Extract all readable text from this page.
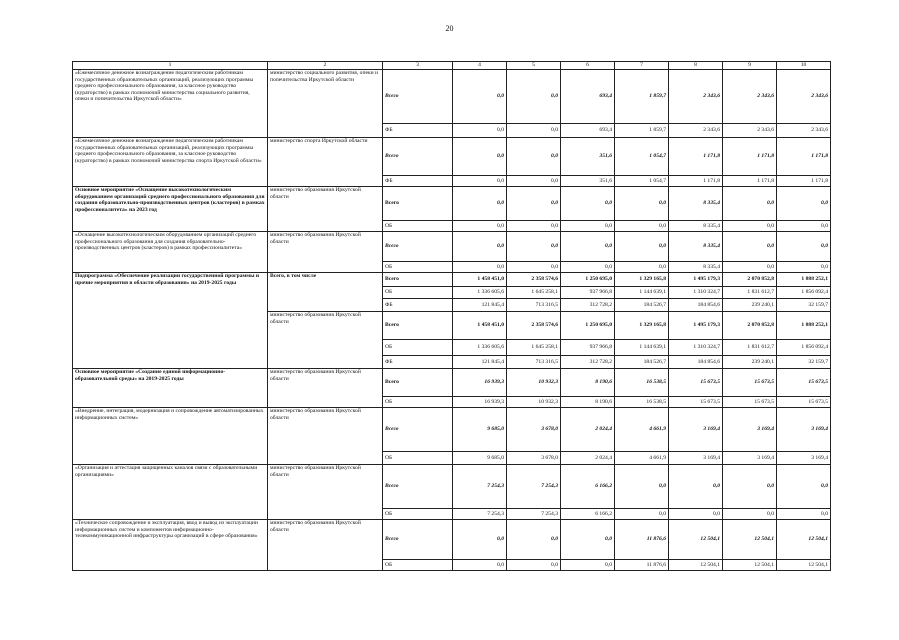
20
1	2	3	4	5	6	7	8	9	10
«Ежемесячное денежное вознаграждение педагогическим работникам государственных образовательных организаций, реализующих программы среднего профессионального образования, за классное руководство (кураторство) в рамках полномочий министерства социального развития, опеки и попечительства Иркутской области»	министерство социального развития, опеки и попечительства Иркутской области	Всего	0,0	0,0	693,4	1 859,7	2 343,6	2 343,6	2 343,6
		ФБ	0,0	0,0	693,4	1 859,7	2 343,6	2 343,6	2 343,6
«Ежемесячное денежное вознаграждение педагогическим работникам государственных образовательных организаций, реализующих программы среднего профессионального образования, за классное руководство (кураторство) в рамках полномочий министерства спорта Иркутской области»	министерство спорта Иркутской области	Всего	0,0	0,0	351,6	1 054,7	1 171,8	1 171,8	1 171,8
		ФБ	0,0	0,0	351,6	1 054,7	1 171,8	1 171,8	1 171,8
Основное мероприятие «Оснащение высокотехнологическим оборудованием организаций среднего профессионального образования для создания образовательно-производственных центров (кластеров) в рамках профессионалитета» на 2023 год	министерство образования Иркутской области	Всего	0,0	0,0	0,0	0,0	8 335,4	0,0	0,0
		ОБ	0,0	0,0	0,0	0,0	8 335,4	0,0	0,0
«Оснащение высокотехнологическим оборудованием организаций среднего профессионального образования для создания образовательно-производственных центров (кластеров) в рамках профессионалитета»	министерство образования Иркутской области	Всего	0,0	0,0	0,0	0,0	8 335,4	0,0	0,0
		ОБ	0,0	0,0	0,0	0,0	8 335,4	0,0	0,0
Подпрограмма «Обеспечение реализации государственной программы и прочие мероприятия в области образования» на 2019-2025 годы	Всего, в том числе	Всего	1 458 451,0	2 358 574,6	1 250 695,0	1 329 165,8	1 495 179,3	2 070 852,8	1 888 252,1
		ОБ	1 336 605,6	1 645 258,1	937 966,8	1 144 639,1	1 310 324,7	1 831 612,7	1 856 092,4
		ФБ	121 845,4	713 316,5	312 728,2	184 526,7	184 854,6	239 240,1	32 159,7
	министерство образования Иркутской области	Всего	1 458 451,0	2 358 574,6	1 250 695,0	1 329 165,8	1 495 179,3	2 070 852,8	1 888 252,1
		ОБ	1 336 605,6	1 645 258,1	937 966,8	1 144 639,1	1 310 324,7	1 831 612,7	1 856 092,4
		ФБ	121 845,4	713 316,5	312 728,2	184 526,7	184 854,6	239 240,1	32 159,7
Основное мероприятие «Создание единой информационно-образовательной среды» на 2019-2025 годы	министерство образования Иркутской области	Всего	16 939,3	10 932,3	8 190,6	16 538,5	15 673,5	15 673,5	15 673,5
		ОБ	16 939,3	10 932,3	8 190,6	16 538,5	15 673,5	15 673,5	15 673,5
«Внедрение, интеграция, модернизация и сопровождение автоматизированных информационных систем»	министерство образования Иркутской области	Всего	9 685,0	3 678,0	2 024,4	4 661,9	3 169,4	3 169,4	3 169,4
		ОБ	9 685,0	3 678,0	2 024,4	4 661,9	3 169,4	3 169,4	3 169,4
«Организация и аттестация защищенных каналов связи с образовательными организациями»	министерство образования Иркутской области	Всего	7 254,3	7 254,3	6 166,2	0,0	0,0	0,0	0,0
		ОБ	7 254,3	7 254,3	6 166,2	0,0	0,0	0,0	0,0
«Техническое сопровождение и эксплуатация, ввод и вывод из эксплуатации информационных систем и компонентов информационно-телекоммуникационной инфраструктуры организаций в сфере образования»	министерство образования Иркутской области	Всего	0,0	0,0	0,0	11 876,6	12 504,1	12 504,1	12 504,1
		ОБ	0,0	0,0	0,0	11 876,6	12 504,1	12 504,1	12 504,1
